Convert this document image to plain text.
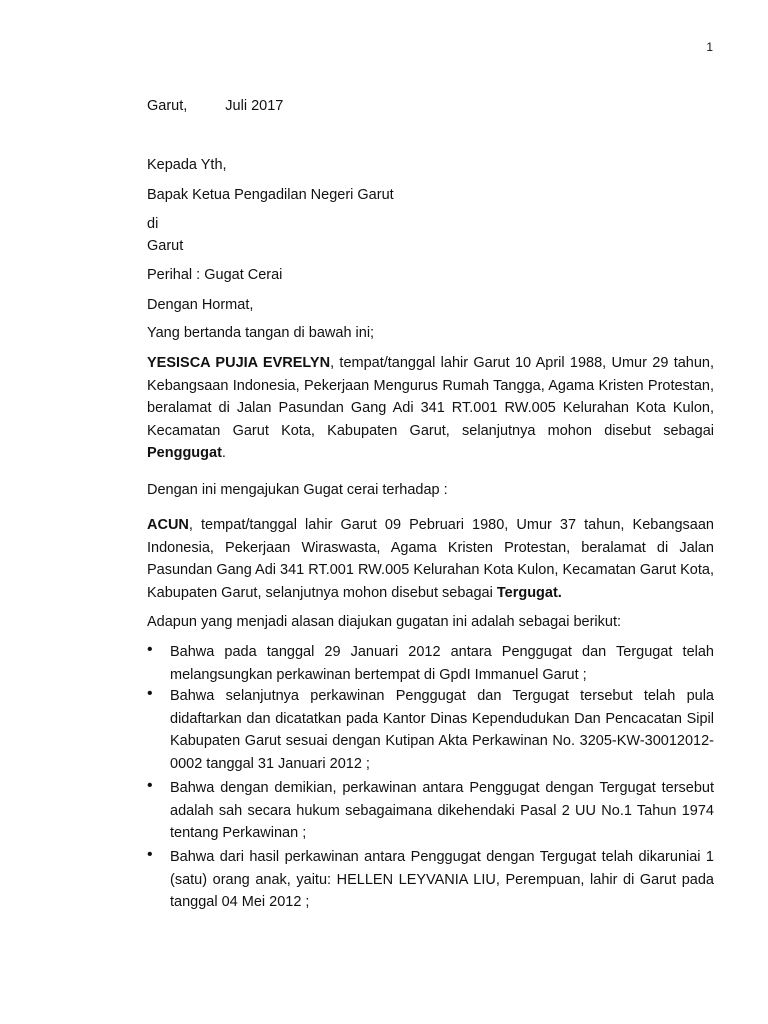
1
Garut,	Juli 2017
Kepada Yth,
Bapak Ketua Pengadilan Negeri Garut
di
Garut
Perihal : Gugat Cerai
Dengan Hormat,
Yang bertanda tangan di bawah ini;
YESISCA PUJIA EVRELYN, tempat/tanggal lahir Garut 10 April 1988, Umur 29 tahun, Kebangsaan Indonesia, Pekerjaan Mengurus Rumah Tangga, Agama Kristen Protestan, beralamat di Jalan Pasundan Gang Adi 341 RT.001 RW.005 Kelurahan Kota Kulon, Kecamatan Garut Kota, Kabupaten Garut, selanjutnya mohon disebut sebagai Penggugat.
Dengan ini mengajukan Gugat cerai terhadap :
ACUN, tempat/tanggal lahir Garut 09 Pebruari 1980, Umur 37 tahun, Kebangsaan Indonesia, Pekerjaan Wiraswasta, Agama Kristen Protestan, beralamat di Jalan Pasundan Gang Adi 341 RT.001 RW.005 Kelurahan Kota Kulon, Kecamatan Garut Kota, Kabupaten Garut, selanjutnya mohon disebut sebagai Tergugat.
Adapun yang menjadi alasan diajukan gugatan ini adalah sebagai berikut:
• Bahwa pada tanggal 29 Januari 2012 antara Penggugat dan Tergugat telah melangsungkan perkawinan bertempat di GpdI Immanuel Garut ;
• Bahwa selanjutnya perkawinan Penggugat dan Tergugat tersebut telah pula didaftarkan dan dicatatkan pada Kantor Dinas Kependudukan Dan Pencacatan Sipil Kabupaten Garut sesuai dengan Kutipan Akta Perkawinan No. 3205-KW-30012012-0002 tanggal 31 Januari 2012 ;
• Bahwa dengan demikian, perkawinan antara Penggugat dengan Tergugat tersebut adalah sah secara hukum sebagaimana dikehendaki Pasal 2 UU No.1 Tahun 1974 tentang Perkawinan ;
• Bahwa dari hasil perkawinan antara Penggugat dengan Tergugat telah dikaruniai 1 (satu) orang anak, yaitu: HELLEN LEYVANIA LIU, Perempuan, lahir di Garut pada tanggal 04 Mei 2012 ;
